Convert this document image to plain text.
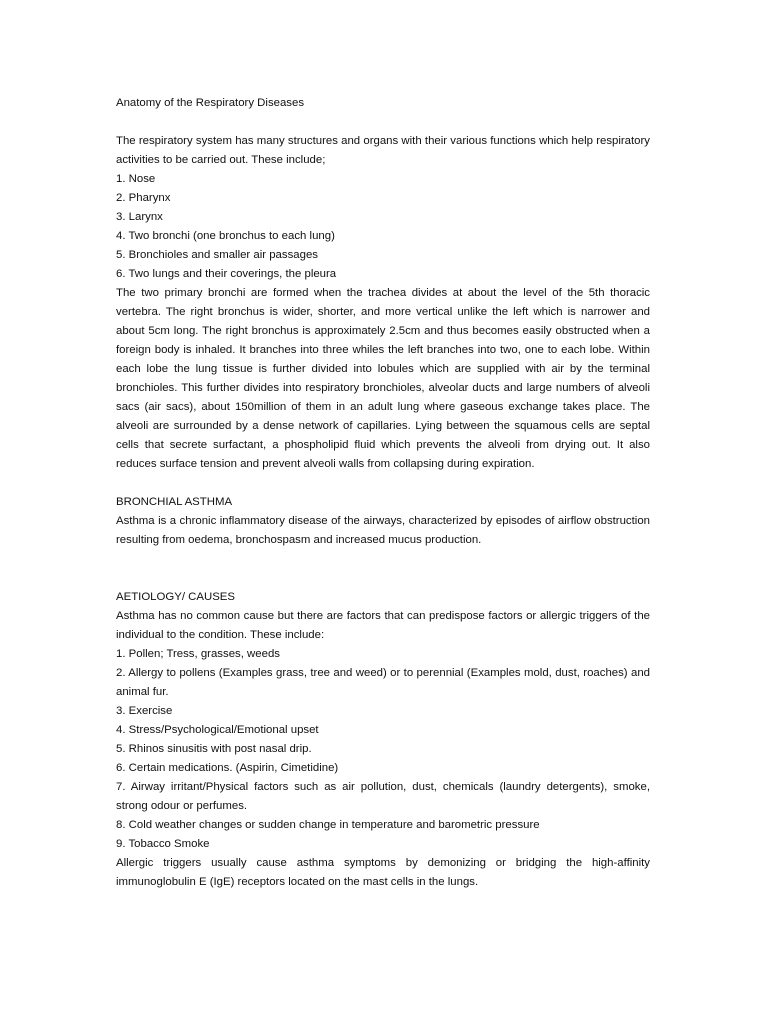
Anatomy of the Respiratory Diseases

The respiratory system has many structures and organs with their various functions which help respiratory activities to be carried out. These include;

1. Nose

2. Pharynx

3. Larynx

4. Two bronchi (one bronchus to each lung)

5. Bronchioles and smaller air passages

6. Two lungs and their coverings, the pleura

The two primary bronchi are formed when the trachea divides at about the level of the 5th thoracic vertebra. The right bronchus is wider, shorter, and more vertical unlike the left which is narrower and about 5cm long. The right bronchus is approximately 2.5cm and thus becomes easily obstructed when a foreign body is inhaled. It branches into three whiles the left branches into two, one to each lobe. Within each lobe the lung tissue is further divided into lobules which are supplied with air by the terminal bronchioles. This further divides into respiratory bronchioles, alveolar ducts and large numbers of alveoli sacs (air sacs), about 150million of them in an adult lung where gaseous exchange takes place. The alveoli are surrounded by a dense network of capillaries. Lying between the squamous cells are septal cells that secrete surfactant, a phospholipid fluid which prevents the alveoli from drying out. It also reduces surface tension and prevent alveoli walls from collapsing during expiration.

BRONCHIAL ASTHMA

Asthma is a chronic inflammatory disease of the airways, characterized by episodes of airflow obstruction resulting from oedema, bronchospasm and increased mucus production.

AETIOLOGY/ CAUSES

Asthma has no common cause but there are factors that can predispose factors or allergic triggers of the individual to the condition. These include:

1. Pollen; Tress, grasses, weeds

2. Allergy to pollens (Examples grass, tree and weed) or to perennial (Examples mold, dust, roaches) and animal fur.

3. Exercise

4. Stress/Psychological/Emotional upset

5. Rhinos sinusitis with post nasal drip.

6. Certain medications. (Aspirin, Cimetidine)

7. Airway irritant/Physical factors such as air pollution, dust, chemicals (laundry detergents), smoke, strong odour or perfumes.

8. Cold weather changes or sudden change in temperature and barometric pressure

9. Tobacco Smoke

Allergic triggers usually cause asthma symptoms by demonizing or bridging the high-affinity immunoglobulin E (IgE) receptors located on the mast cells in the lungs.
